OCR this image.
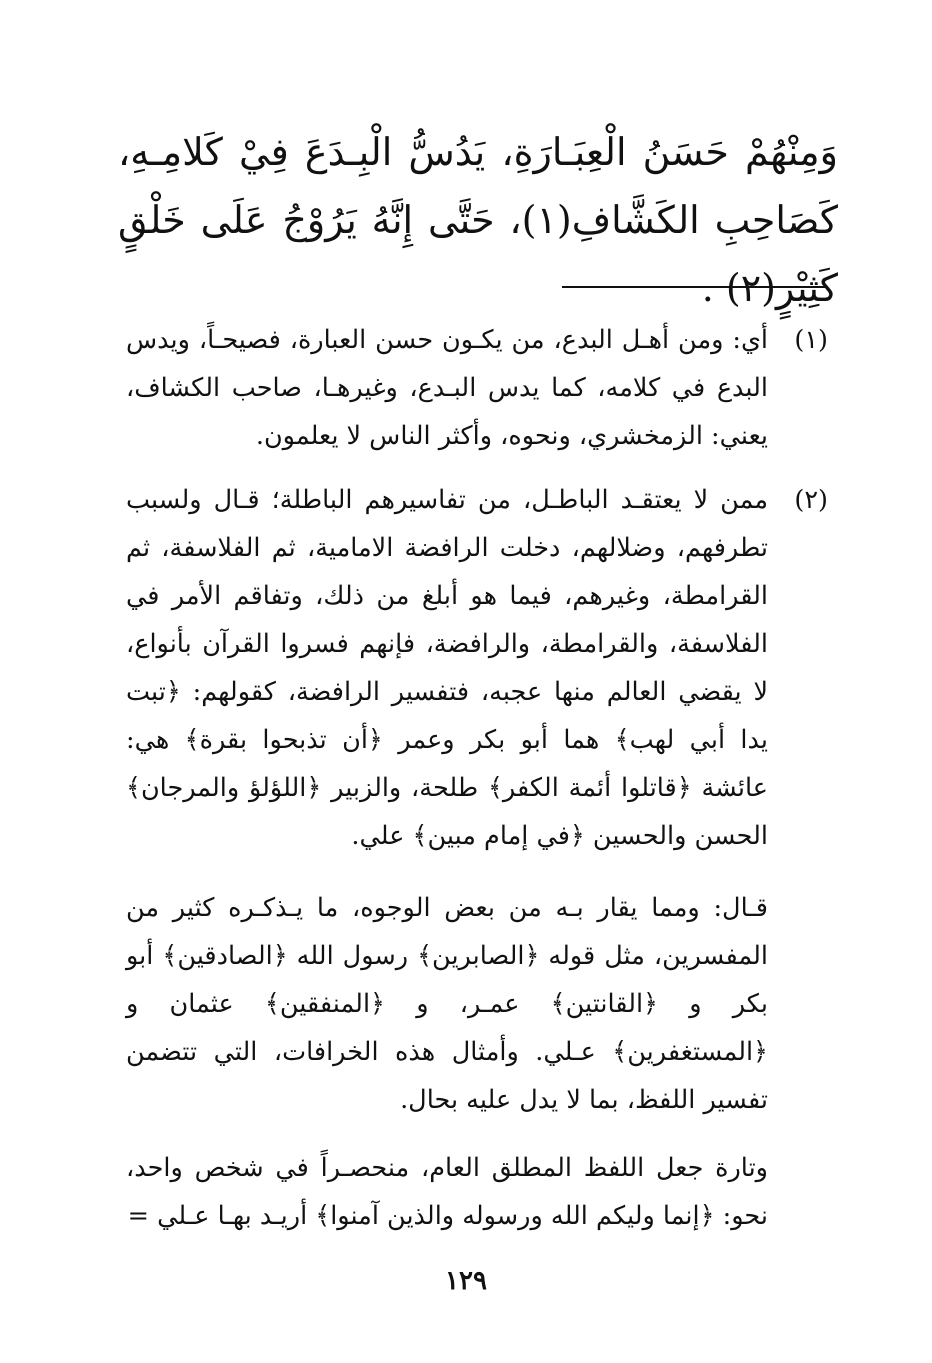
وَمِنْهُمْ حَسَنُ الْعِبَـارَةِ، يَدُسُّ الْبِـدَعَ فِيْ كَلامِـهِ، كَصَاحِبِ الكَشَّافِ(١)، حَتَّى إِنَّهُ يَرُوْجُ عَلَى خَلْقٍ كَثِيْرٍ(٢) .
(١)
أي: ومن أهـل البدع، من يكـون حسن العبارة، فصيحـاً، ويدس البدع في كلامه، كما يدس البـدع، وغيرهـا، صاحب الكشاف، يعني: الزمخشري، ونحوه، وأكثر الناس لا يعلمون.
(٢)
ممن لا يعتقـد الباطـل، من تفاسيرهم الباطلة؛ قـال ولسبب تطرفهم، وضلالهم، دخلت الرافضة الامامية، ثم الفلاسفة، ثم القرامطة، وغيرهم، فيما هو أبلغ من ذلك، وتفاقم الأمر في الفلاسفة، والقرامطة، والرافضة، فإنهم فسروا القرآن بأنواع، لا يقضي العالم منها عجبه، فتفسير الرافضة، كقولهم: ﴿تبت يدا أبي لهب﴾ هما أبو بكر وعمر ﴿أن تذبحوا بقرة﴾ هي: عائشة ﴿قاتلوا أئمة الكفر﴾ طلحة، والزبير ﴿اللؤلؤ والمرجان﴾ الحسن والحسين ﴿في إمام مبين﴾ علي.
قـال: ومما يقار بـه من بعض الوجوه، ما يـذكـره كثير من المفسرين، مثل قوله ﴿الصابرين﴾ رسول الله ﴿الصادقين﴾ أبو بكر و ﴿القانتين﴾ عمـر، و ﴿المنفقين﴾ عثمان و ﴿المستغفرين﴾ عـلي. وأمثال هذه الخرافات، التي تتضمن تفسير اللفظ، بما لا يدل عليه بحال.
وتارة جعل اللفظ المطلق العام، منحصـراً في شخص واحد، نحو: ﴿إنما وليكم الله ورسوله والذين آمنوا﴾ أريـد بهـا عـلي =
١٢٩
